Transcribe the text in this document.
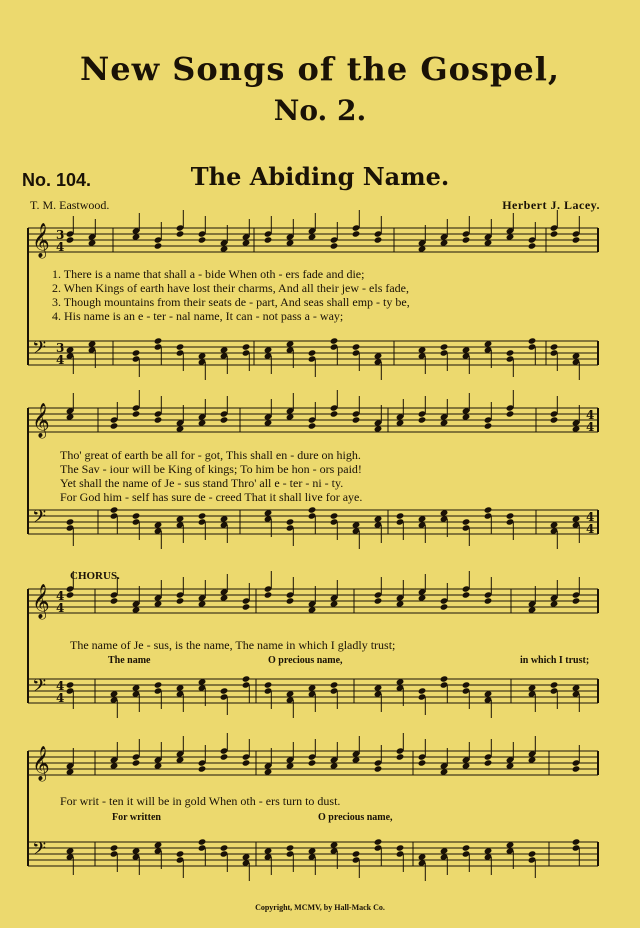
New Songs of the Gospel,
No. 2.
No. 104.	The Abiding Name.
T. M. Eastwood.	Herbert J. Lacey.
𝄞
𝄢
𝄞
𝄢
𝄞
𝄢
𝄞
𝄢
3
4
3
4
4
4
4
4
4
4
4
4
1. There is a name that shall a - bide When oth - ers fade and die;
2. When Kings of earth have lost their charms, And all their jew - els fade,
3. Though mountains from their seats de - part, And seas shall emp - ty be,
4. His name is an e - ter - nal name, It can - not pass a - way;
Tho' great of earth be all for - got, This shall en - dure on high.
The Sav - iour will be King of kings; To him be hon - ors paid!
Yet shall the name of Je - sus stand Thro' all e - ter - ni - ty.
For God him - self has sure de - creed That it shall live for aye.
CHORUS.
The name of Je - sus, is the name, The name in which I gladly trust;
The name	O precious name,	in which I trust;
For writ - ten it will be in gold When oth - ers turn to dust.
For written	O precious name,
Copyright, MCMV, by Hall-Mack Co.
